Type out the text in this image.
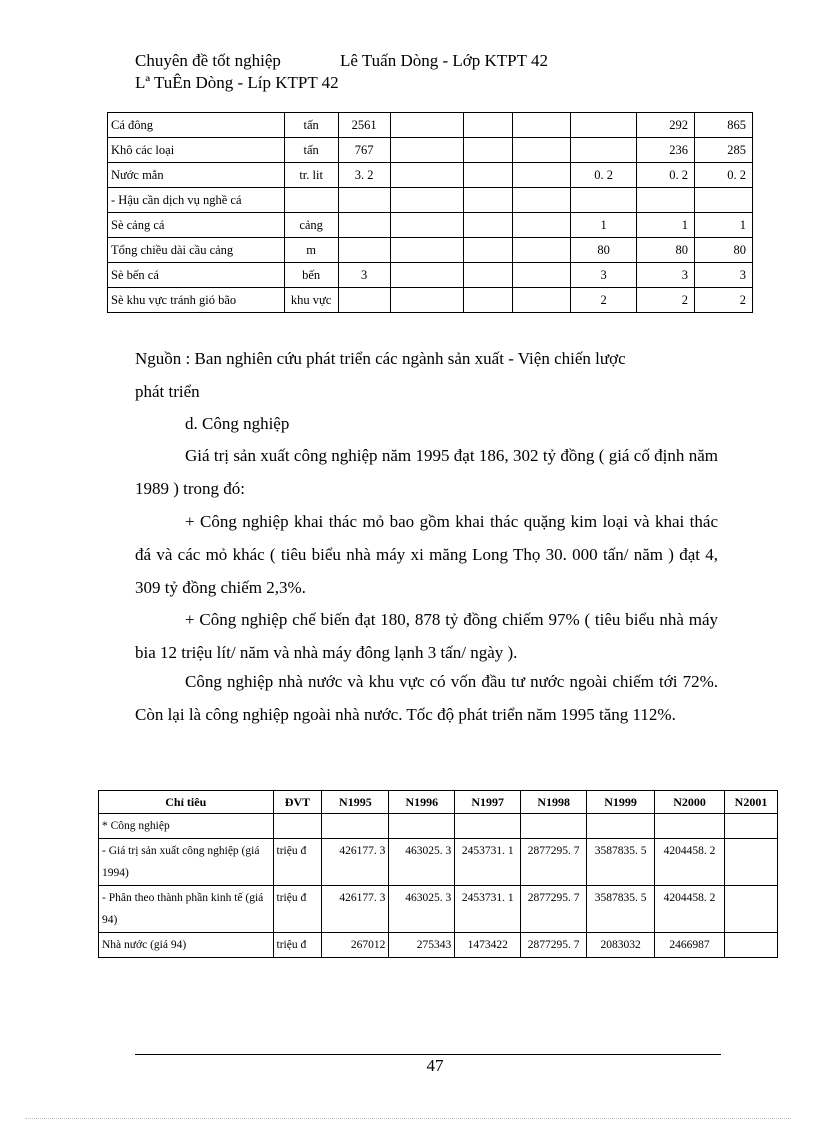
Chuyên đề tốt nghiệp	Lê Tuấn Dòng - Lớp KTPT 42
Lª TuÊn Dòng - Líp KTPT 42
Cá đông	tấn	2561					292	865
Khô các loại	tấn	767					236	285
Nước mắn	tr. lit	3. 2				0. 2	0. 2	0. 2
- Hậu cần dịch vụ nghề cá								
Sè cảng cá	cảng					1	1	1
Tổng chiều dài cầu cảng	m					80	80	80
Sè bến cá	bến	3				3	3	3
Sè khu vực tránh gió bão	khu vực					2	2	2
Nguồn : Ban nghiên cứu phát triển các ngành sản xuất - Viện chiến lược
phát triển
d. Công nghiệp
Giá trị sản xuất công nghiệp năm 1995 đạt 186, 302 tỷ đồng ( giá cố định năm 1989 ) trong đó:
+ Công nghiệp khai thác mỏ bao gồm khai thác quặng kim loại và khai thác đá và các mỏ khác ( tiêu biểu nhà máy xi măng Long Thọ 30. 000 tấn/ năm ) đạt 4, 309 tỷ đồng chiếm 2,3%.
+ Công nghiệp chế biến đạt 180, 878 tỷ đồng chiếm 97% ( tiêu biểu nhà máy bia 12 triệu lít/ năm và nhà máy đông lạnh 3 tấn/ ngày ).
Công nghiệp nhà nước và khu vực có vốn đầu tư nước ngoài chiếm tới 72%. Còn lại là công nghiệp ngoài nhà nước. Tốc độ phát triển năm 1995 tăng 112%.
Chỉ tiêu	ĐVT	N1995	N1996	N1997	N1998	N1999	N2000	N2001
* Công nghiệp								
- Giá trị sản xuất công nghiệp (giá 1994)	triệu đ	426177. 3	463025. 3	2453731. 1	2877295. 7	3587835. 5	4204458. 2	
- Phân theo thành phần kinh tế (giá 94)	triệu đ	426177. 3	463025. 3	2453731. 1	2877295. 7	3587835. 5	4204458. 2	
Nhà nước (giá 94)	triệu đ	267012	275343	1473422	2877295. 7	2083032	2466987	
47
